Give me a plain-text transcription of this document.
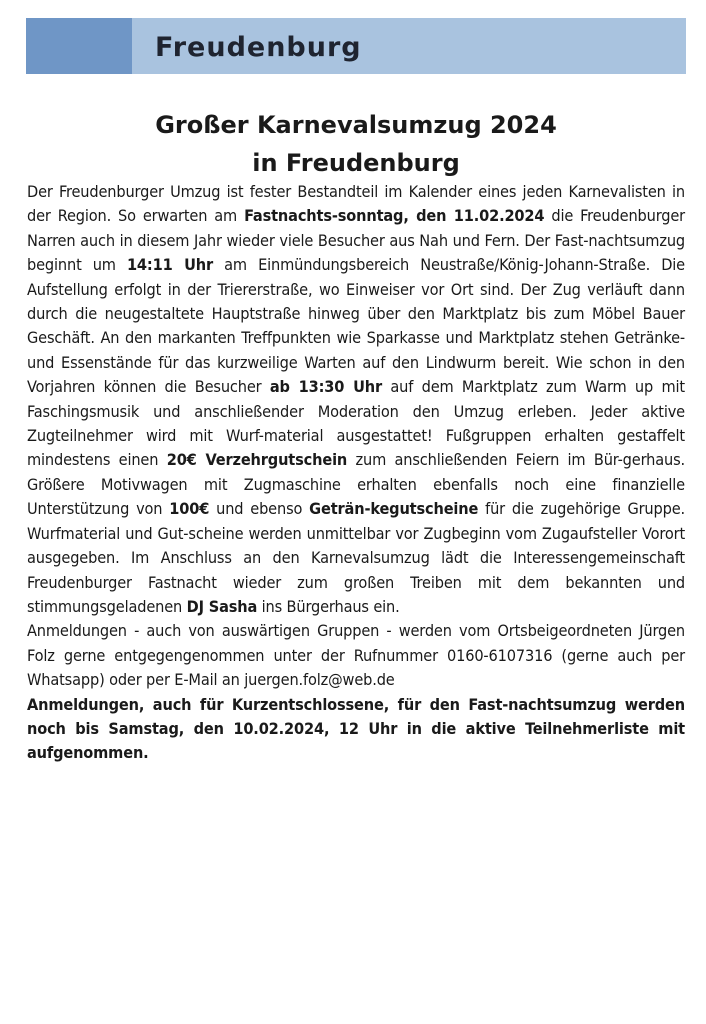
Freudenburg
Großer Karnevalsumzug 2024
in Freudenburg

Der Freudenburger Umzug ist fester Bestandteil im Kalender eines jeden Karnevalisten in der Region. So erwarten am Fastnachts-sonntag, den 11.02.2024 die Freudenburger Narren auch in diesem Jahr wieder viele Besucher aus Nah und Fern. Der Fast-nachtsumzug beginnt um 14:11 Uhr am Einmündungsbereich Neustraße/König-Johann-Straße. Die Aufstellung erfolgt in der Triererstraße, wo Einweiser vor Ort sind. Der Zug verläuft dann durch die neugestaltete Hauptstraße hinweg über den Marktplatz bis zum Möbel Bauer Geschäft. An den markanten Treffpunkten wie Sparkasse und Marktplatz stehen Getränke- und Essenstände für das kurzweilige Warten auf den Lindwurm bereit. Wie schon in den Vorjahren können die Besucher ab 13:30 Uhr auf dem Marktplatz zum Warm up mit Faschingsmusik und anschließender Moderation den Umzug erleben. Jeder aktive Zugteilnehmer wird mit Wurf-material ausgestattet! Fußgruppen erhalten gestaffelt mindestens einen 20€ Verzehrgutschein zum anschließenden Feiern im Bür-gerhaus. Größere Motivwagen mit Zugmaschine erhalten ebenfalls noch eine finanzielle Unterstützung von 100€ und ebenso Geträn-kegutscheine für die zugehörige Gruppe. Wurfmaterial und Gut-scheine werden unmittelbar vor Zugbeginn vom Zugaufsteller Vorort ausgegeben. Im Anschluss an den Karnevalsumzug lädt die Interessengemeinschaft Freudenburger Fastnacht wieder zum großen Treiben mit dem bekannten und stimmungsgeladenen DJ Sasha ins Bürgerhaus ein.

Anmeldungen - auch von auswärtigen Gruppen - werden vom Ortsbeigeordneten Jürgen Folz gerne entgegengenommen unter der Rufnummer 0160-6107316 (gerne auch per Whatsapp) oder per E-Mail an juergen.folz@web.de

Anmeldungen, auch für Kurzentschlossene, für den Fast-nachtsumzug werden noch bis Samstag, den 10.02.2024, 12 Uhr in die aktive Teilnehmerliste mit aufgenommen.
